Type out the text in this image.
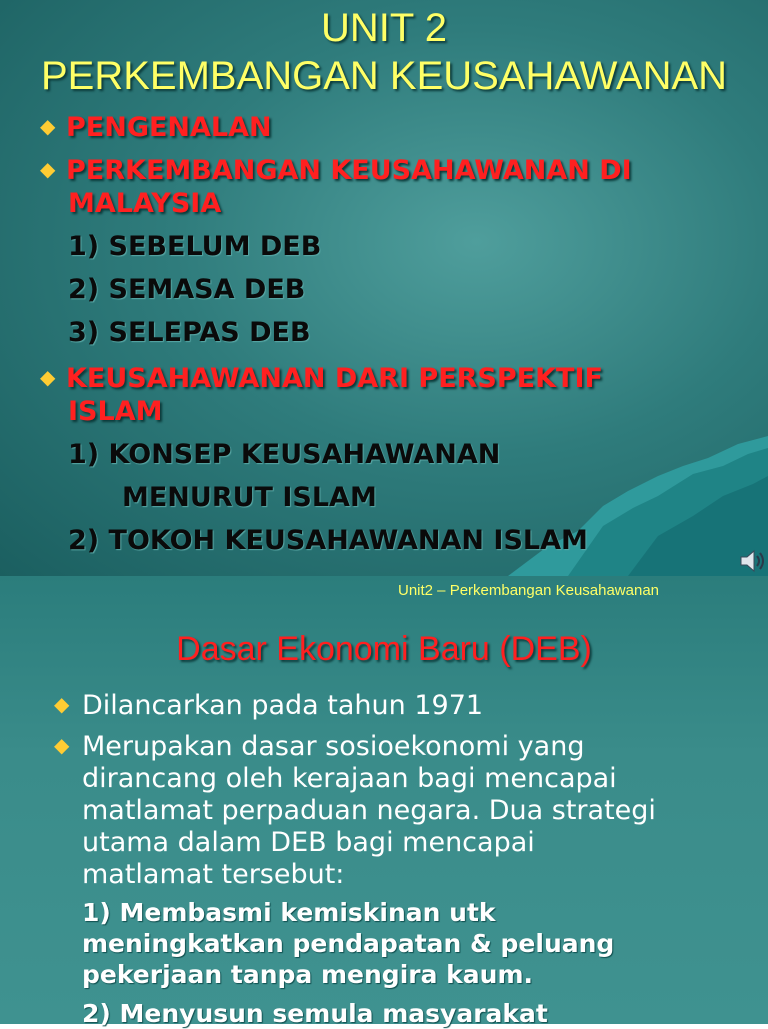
UNIT 2
PERKEMBANGAN KEUSAHAWANAN
◆ PENGENALAN
◆ PERKEMBANGAN KEUSAHAWANAN DI
MALAYSIA
1) SEBELUM DEB
2) SEMASA DEB
3) SELEPAS DEB
◆ KEUSAHAWANAN DARI PERSPEKTIF
ISLAM
1) KONSEP KEUSAHAWANAN
MENURUT ISLAM
2) TOKOH KEUSAHAWANAN ISLAM
Unit2 – Perkembangan Keusahawanan
Dasar Ekonomi Baru (DEB)
◆ Dilancarkan pada tahun 1971
◆ Merupakan dasar sosioekonomi yang
dirancang oleh kerajaan bagi mencapai
matlamat perpaduan negara. Dua strategi
utama dalam DEB bagi mencapai
matlamat tersebut:
1) Membasmi kemiskinan utk
meningkatkan pendapatan & peluang
pekerjaan tanpa mengira kaum.
2) Menyusun semula masyarakat
